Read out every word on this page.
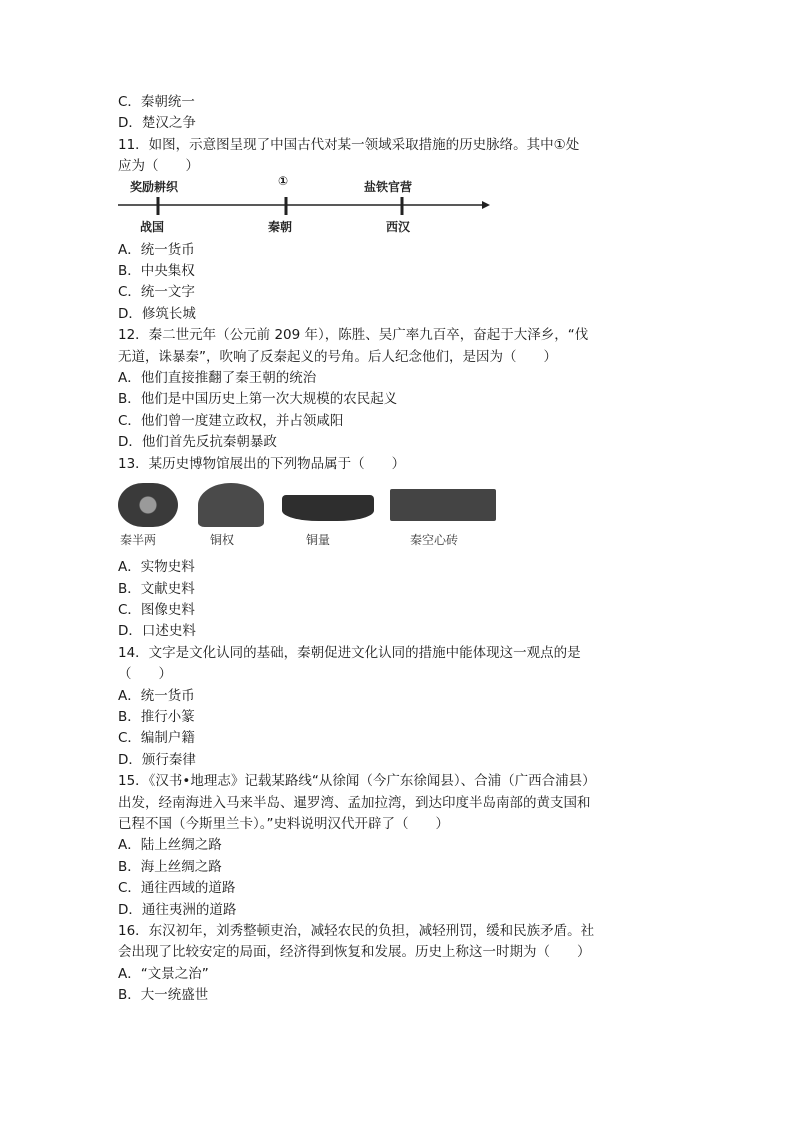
C．秦朝统一
D．楚汉之争
11．如图，示意图呈现了中国古代对某一领域采取措施的历史脉络。其中①处
应为（　　）
奖励耕织	①	盐铁官营
战国	秦朝	西汉
A．统一货币
B．中央集权
C．统一文字
D．修筑长城
12．秦二世元年（公元前 209 年），陈胜、吴广率九百卒，奋起于大泽乡，“伐
无道，诛暴秦”，吹响了反秦起义的号角。后人纪念他们，是因为（　　）
A．他们直接推翻了秦王朝的统治
B．他们是中国历史上第一次大规模的农民起义
C．他们曾一度建立政权，并占领咸阳
D．他们首先反抗秦朝暴政
13．某历史博物馆展出的下列物品属于（　　）
秦半两	铜权	铜量	秦空心砖
A．实物史料
B．文献史料
C．图像史料
D．口述史料
14．文字是文化认同的基础，秦朝促进文化认同的措施中能体现这一观点的是
（　　）
A．统一货币
B．推行小篆
C．编制户籍
D．颁行秦律
15．《汉书•地理志》记载某路线“从徐闻（今广东徐闻县）、合浦（广西合浦县）
出发，经南海进入马来半岛、暹罗湾、孟加拉湾，到达印度半岛南部的黄支国和
已程不国（今斯里兰卡）。”史料说明汉代开辟了（　　）
A．陆上丝绸之路
B．海上丝绸之路
C．通往西域的道路
D．通往夷洲的道路
16．东汉初年，刘秀整顿吏治，减轻农民的负担，减轻刑罚，缓和民族矛盾。社
会出现了比较安定的局面，经济得到恢复和发展。历史上称这一时期为（　　）
A．“文景之治”
B．大一统盛世
